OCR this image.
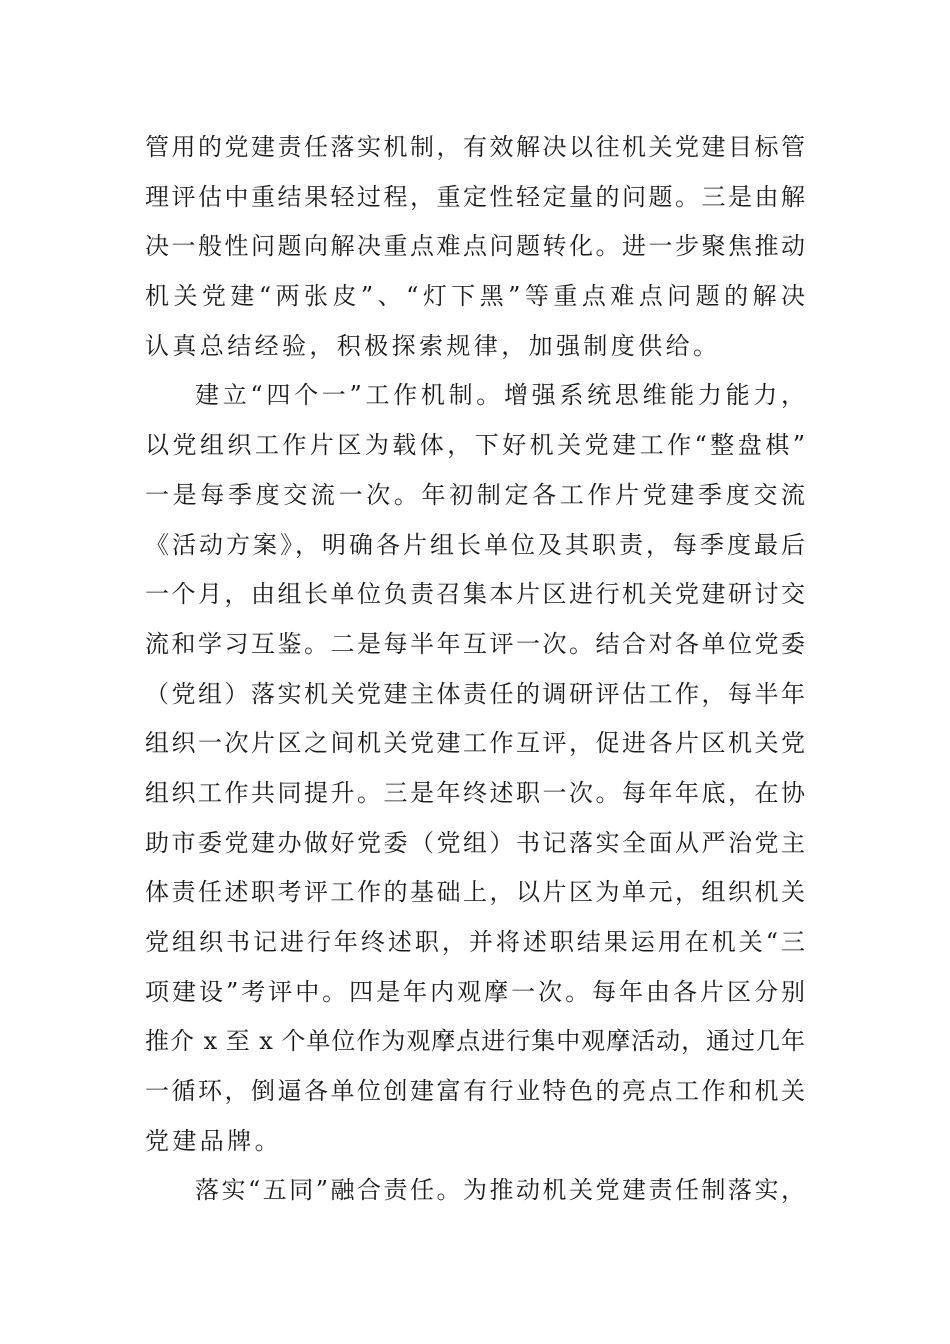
管用的党建责任落实机制，有效解决以往机关党建目标管
理评估中重结果轻过程，重定性轻定量的问题。三是由解
决一般性问题向解决重点难点问题转化。进一步聚焦推动
机关党建“两张皮”、“灯下黑”等重点难点问题的解决
认真总结经验，积极探索规律，加强制度供给。
建立“四个一”工作机制。增强系统思维能力能力，
以党组织工作片区为载体，下好机关党建工作“整盘棋”
一是每季度交流一次。年初制定各工作片党建季度交流
《活动方案》，明确各片组长单位及其职责，每季度最后
一个月，由组长单位负责召集本片区进行机关党建研讨交
流和学习互鉴。二是每半年互评一次。结合对各单位党委
（党组）落实机关党建主体责任的调研评估工作，每半年
组织一次片区之间机关党建工作互评，促进各片区机关党
组织工作共同提升。三是年终述职一次。每年年底，在协
助市委党建办做好党委（党组）书记落实全面从严治党主
体责任述职考评工作的基础上，以片区为单元，组织机关
党组织书记进行年终述职，并将述职结果运用在机关“三
项建设”考评中。四是年内观摩一次。每年由各片区分别
推介 x 至 x 个单位作为观摩点进行集中观摩活动，通过几年
一循环，倒逼各单位创建富有行业特色的亮点工作和机关
党建品牌。
落实“五同”融合责任。为推动机关党建责任制落实，
